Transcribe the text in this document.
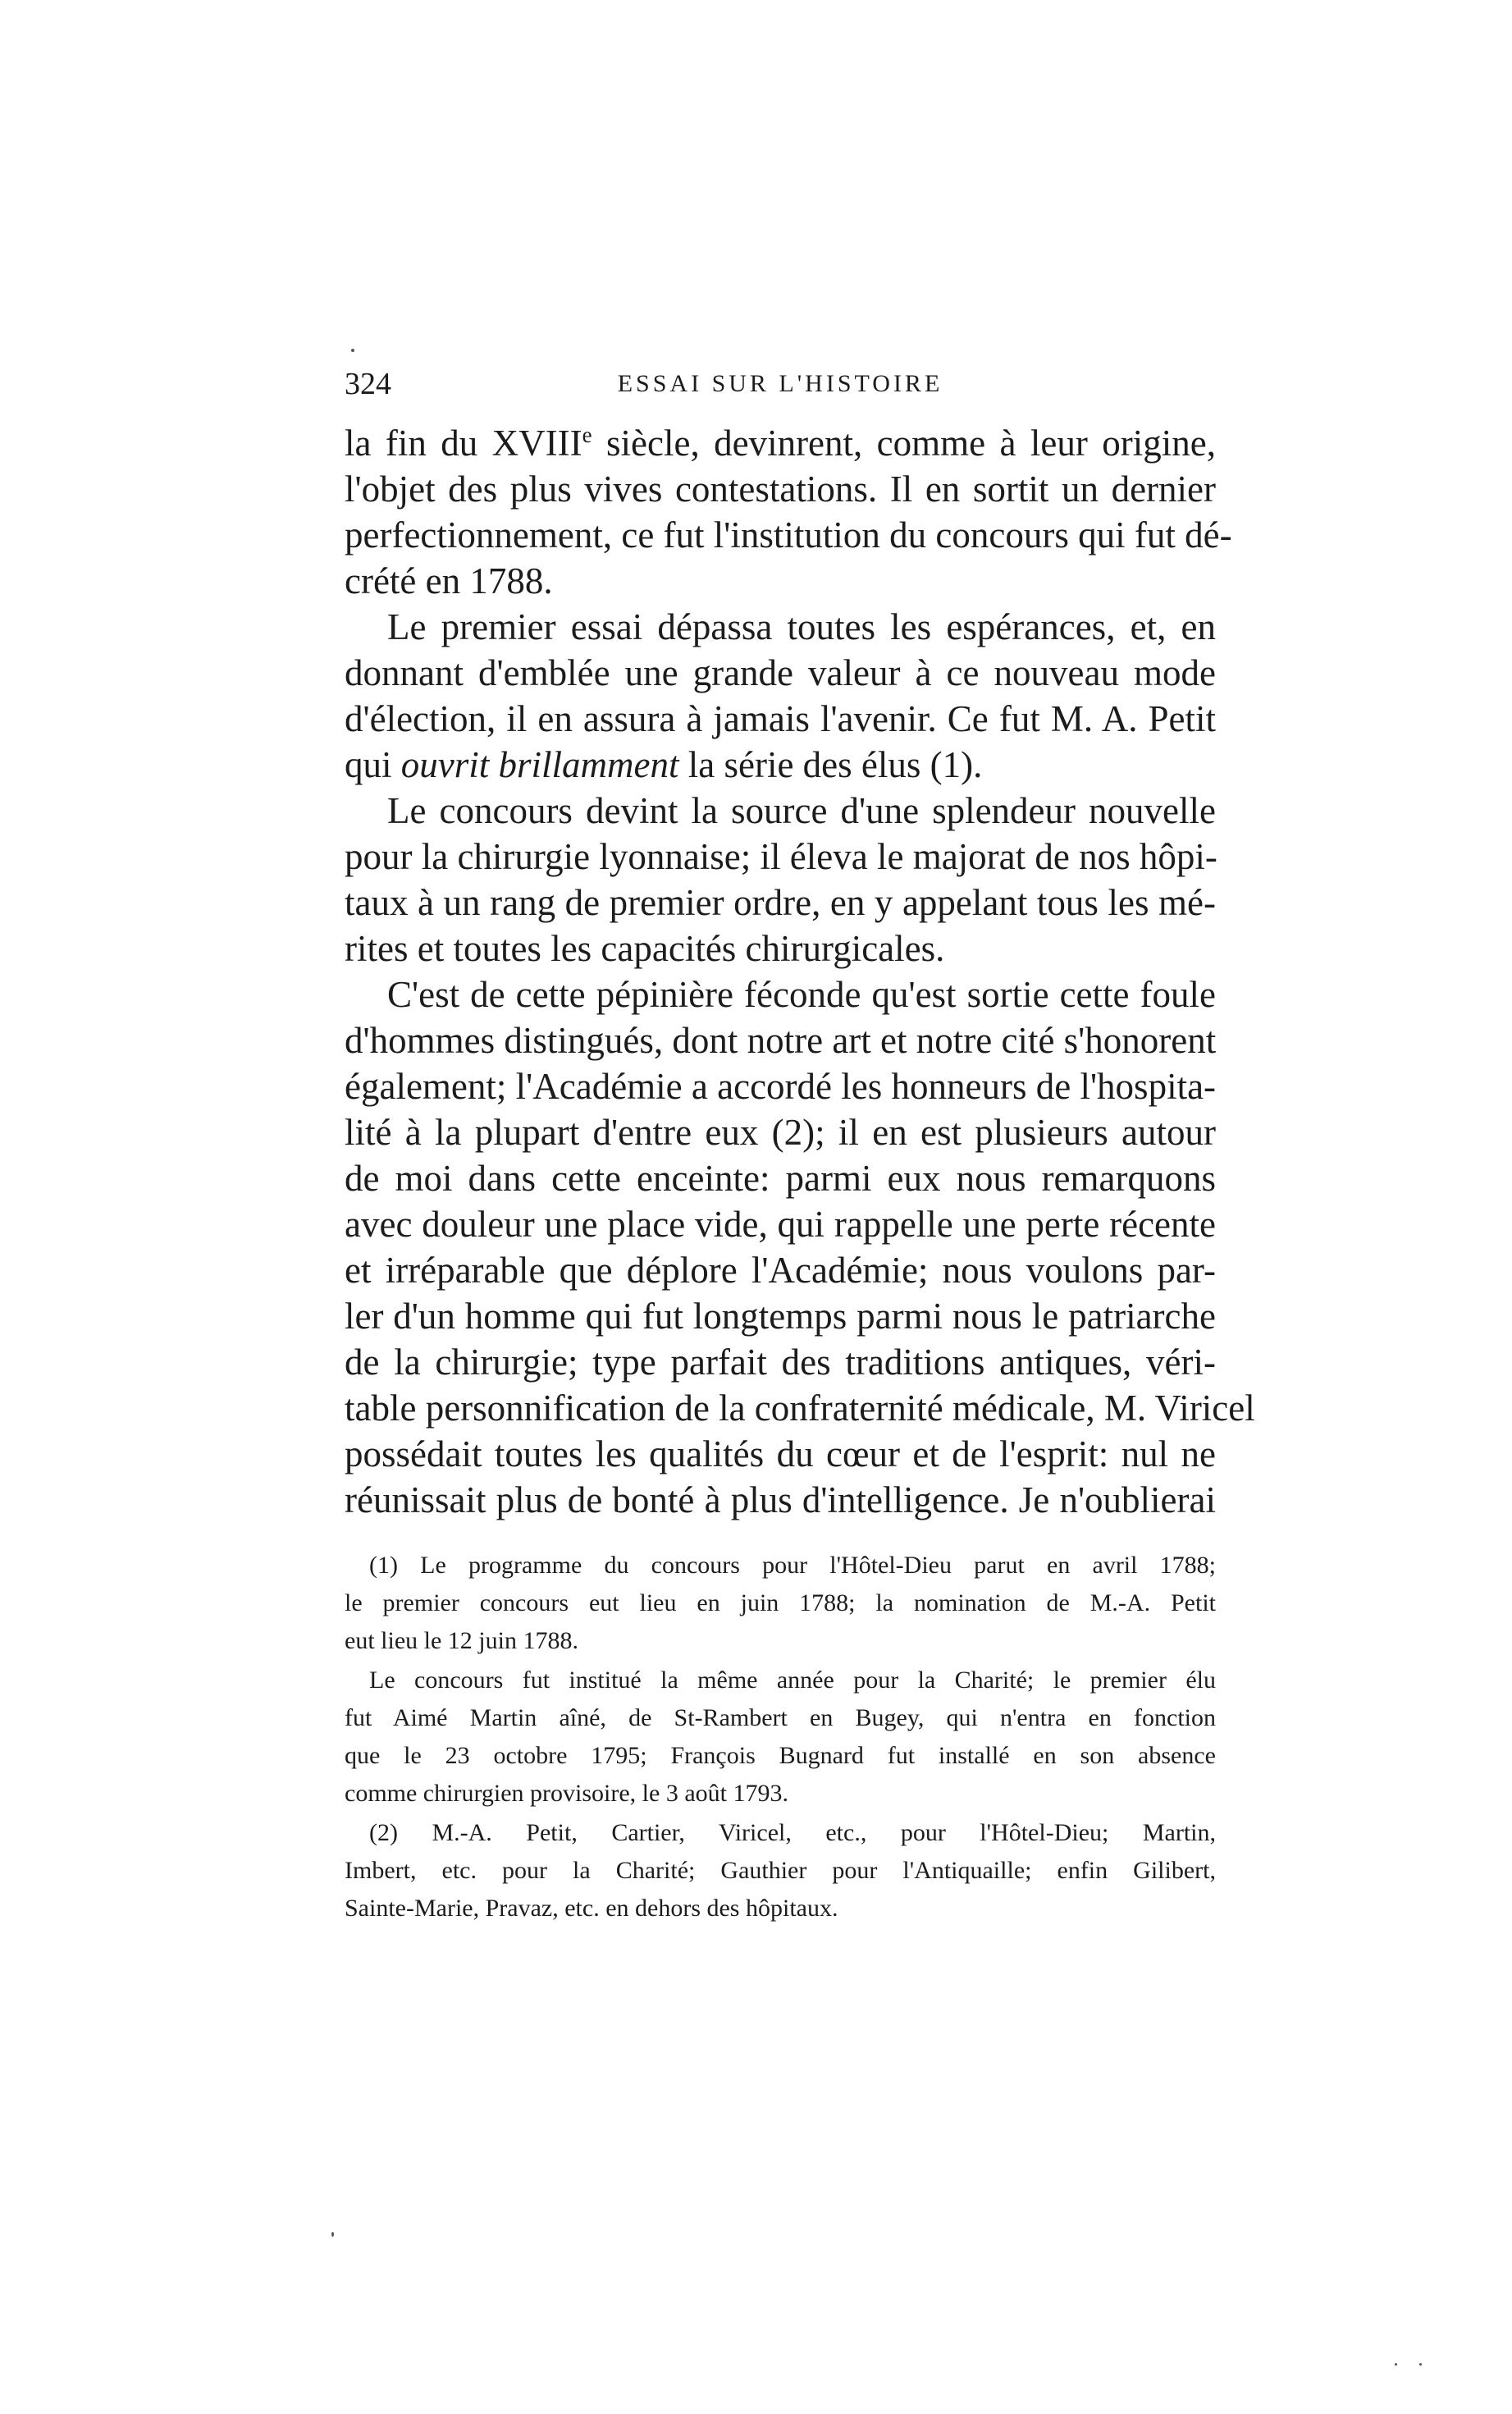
324	ESSAI SUR L'HISTOIRE
la fin du XVIIIe siècle, devinrent, comme à leur origine,
l'objet des plus vives contestations. Il en sortit un dernier
perfectionnement, ce fut l'institution du concours qui fut dé-
crété en 1788.
Le premier essai dépassa toutes les espérances, et, en
donnant d'emblée une grande valeur à ce nouveau mode
d'élection, il en assura à jamais l'avenir. Ce fut M. A. Petit
qui ouvrit brillamment la série des élus (1).
Le concours devint la source d'une splendeur nouvelle
pour la chirurgie lyonnaise; il éleva le majorat de nos hôpi-
taux à un rang de premier ordre, en y appelant tous les mé-
rites et toutes les capacités chirurgicales.
C'est de cette pépinière féconde qu'est sortie cette foule
d'hommes distingués, dont notre art et notre cité s'honorent
également; l'Académie a accordé les honneurs de l'hospita-
lité à la plupart d'entre eux (2); il en est plusieurs autour
de moi dans cette enceinte: parmi eux nous remarquons
avec douleur une place vide, qui rappelle une perte récente
et irréparable que déplore l'Académie; nous voulons par-
ler d'un homme qui fut longtemps parmi nous le patriarche
de la chirurgie; type parfait des traditions antiques, véri-
table personnification de la confraternité médicale, M. Viricel
possédait toutes les qualités du cœur et de l'esprit: nul ne
réunissait plus de bonté à plus d'intelligence. Je n'oublierai
(1) Le programme du concours pour l'Hôtel-Dieu parut en avril 1788;
le premier concours eut lieu en juin 1788; la nomination de M.-A. Petit
eut lieu le 12 juin 1788.
Le concours fut institué la même année pour la Charité; le premier élu
fut Aimé Martin aîné, de St-Rambert en Bugey, qui n'entra en fonction
que le 23 octobre 1795; François Bugnard fut installé en son absence
comme chirurgien provisoire, le 3 août 1793.
(2) M.-A. Petit, Cartier, Viricel, etc., pour l'Hôtel-Dieu; Martin,
Imbert, etc. pour la Charité; Gauthier pour l'Antiquaille; enfin Gilibert,
Sainte-Marie, Pravaz, etc. en dehors des hôpitaux.
